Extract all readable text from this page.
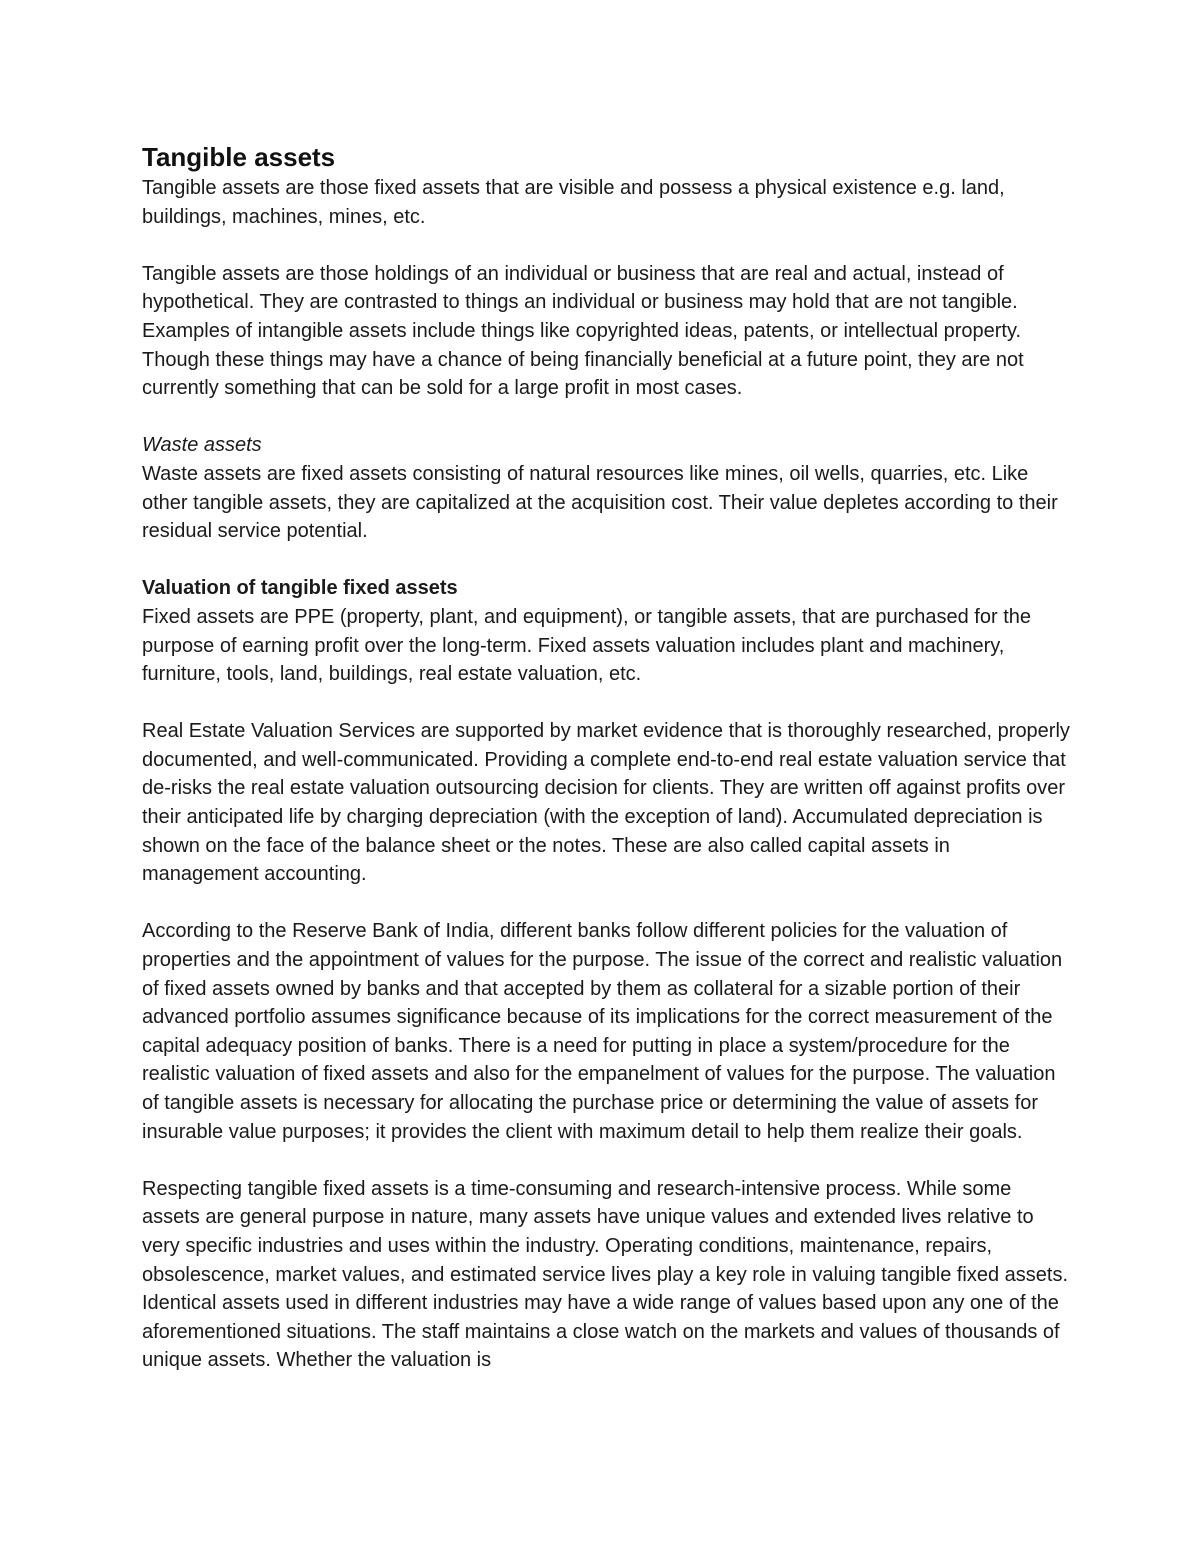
Tangible assets

Tangible assets are those fixed assets that are visible and possess a physical existence e.g. land, buildings, machines, mines, etc.

Tangible assets are those holdings of an individual or business that are real and actual, instead of hypothetical. They are contrasted to things an individual or business may hold that are not tangible. Examples of intangible assets include things like copyrighted ideas, patents, or intellectual property. Though these things may have a chance of being financially beneficial at a future point, they are not currently something that can be sold for a large profit in most cases.

Waste assets

Waste assets are fixed assets consisting of natural resources like mines, oil wells, quarries, etc. Like other tangible assets, they are capitalized at the acquisition cost. Their value depletes according to their residual service potential.

Valuation of tangible fixed assets

Fixed assets are PPE (property, plant, and equipment), or tangible assets, that are purchased for the purpose of earning profit over the long-term. Fixed assets valuation includes plant and machinery, furniture, tools, land, buildings, real estate valuation, etc.

Real Estate Valuation Services are supported by market evidence that is thoroughly researched, properly documented, and well-communicated. Providing a complete end-to-end real estate valuation service that de-risks the real estate valuation outsourcing decision for clients. They are written off against profits over their anticipated life by charging depreciation (with the exception of land). Accumulated depreciation is shown on the face of the balance sheet or the notes. These are also called capital assets in management accounting.

According to the Reserve Bank of India, different banks follow different policies for the valuation of properties and the appointment of values for the purpose. The issue of the correct and realistic valuation of fixed assets owned by banks and that accepted by them as collateral for a sizable portion of their advanced portfolio assumes significance because of its implications for the correct measurement of the capital adequacy position of banks. There is a need for putting in place a system/procedure for the realistic valuation of fixed assets and also for the empanelment of values for the purpose. The valuation of tangible assets is necessary for allocating the purchase price or determining the value of assets for insurable value purposes; it provides the client with maximum detail to help them realize their goals.

Respecting tangible fixed assets is a time-consuming and research-intensive process. While some assets are general purpose in nature, many assets have unique values and extended lives relative to very specific industries and uses within the industry. Operating conditions, maintenance, repairs, obsolescence, market values, and estimated service lives play a key role in valuing tangible fixed assets. Identical assets used in different industries may have a wide range of values based upon any one of the aforementioned situations. The staff maintains a close watch on the markets and values of thousands of unique assets. Whether the valuation is
